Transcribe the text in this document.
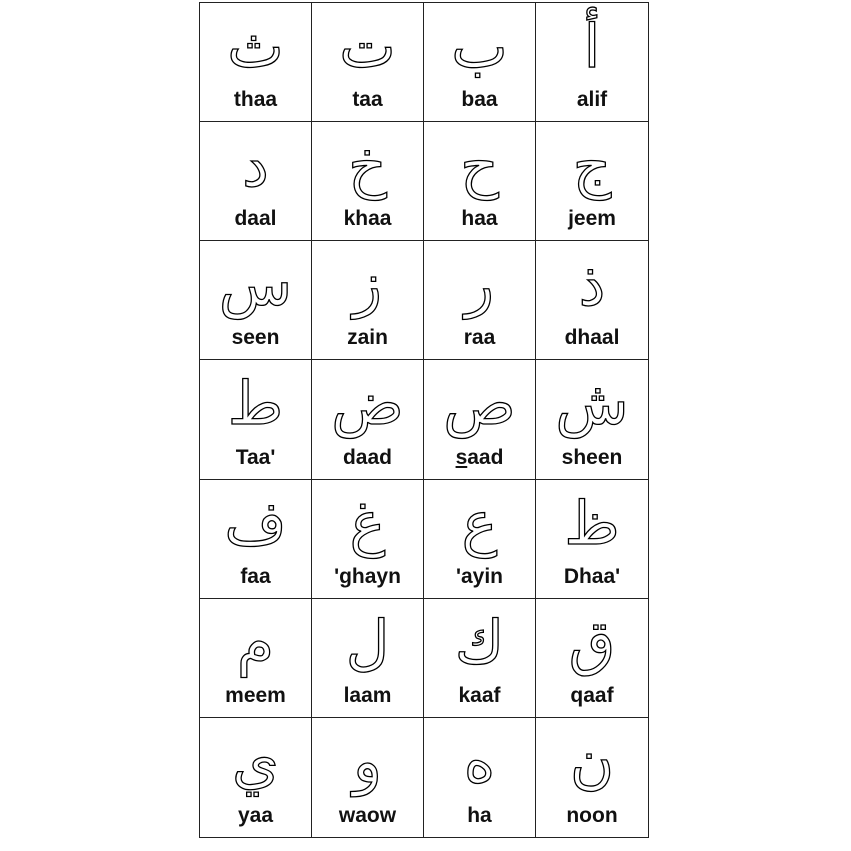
ث
thaa
ت
taa
ب
baa
أ
alif
د
daal
خ
khaa
ح
haa
ج
jeem
س
seen
ز
zain
ر
raa
ذ
dhaal
ط
Taa'
ض
daad
ص
saad
ش
sheen
ف
faa
غ
'ghayn
ع
'ayin
ظ
Dhaa'
م
meem
ل
laam
ك
kaaf
ق
qaaf
ي
yaa
و
waow
ه
ha
ن
noon
